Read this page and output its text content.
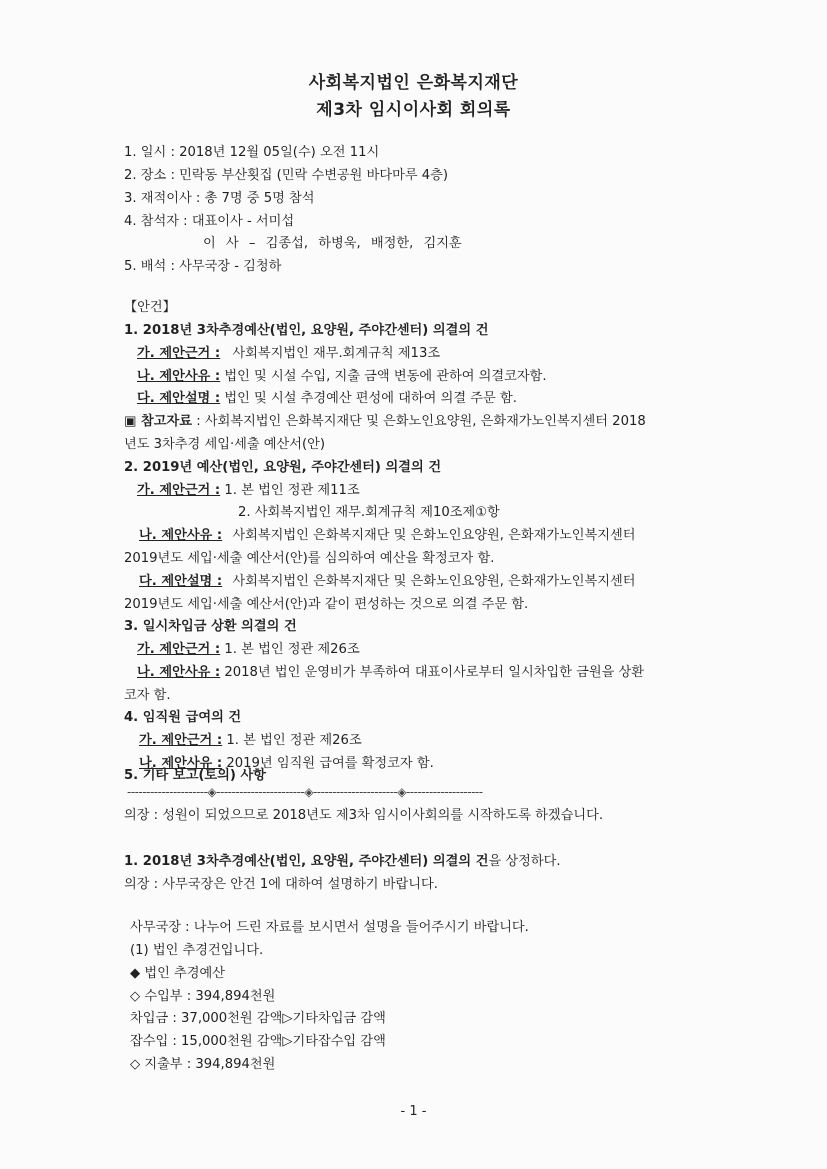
사회복지법인 은화복지재단
제3차 임시이사회 회의록
1. 일시 : 2018년 12월 05일(수) 오전 11시
2. 장소 : 민락동 부산횟집 (민락 수변공원 바다마루 4층)
3. 재적이사 : 총 7명 중 5명 참석
4. 참석자 : 대표이사 - 서미섭
이 사 – 김종섭, 하병욱, 배정한, 김지훈
5. 배석 : 사무국장 - 김청하
【안건】
1. 2018년 3차추경예산(법인, 요양원, 주야간센터) 의결의 건
가. 제안근거 : 사회복지법인 재무.회계규칙 제13조
나. 제안사유 : 법인 및 시설 수입, 지출 금액 변동에 관하여 의결코자함.
다. 제안설명 : 법인 및 시설 추경예산 편성에 대하여 의결 주문 함.
▣ 참고자료 : 사회복지법인 은화복지재단 및 은화노인요양원, 은화재가노인복지센터 2018
년도 3차추경 세입·세출 예산서(안)
2. 2019년 예산(법인, 요양원, 주야간센터) 의결의 건
가. 제안근거 : 1. 본 법인 정관 제11조
2. 사회복지법인 재무.회계규칙 제10조제①항
나. 제안사유 : 사회복지법인 은화복지재단 및 은화노인요양원, 은화재가노인복지센터
2019년도 세입·세출 예산서(안)를 심의하여 예산을 확정코자 함.
다. 제안설명 : 사회복지법인 은화복지재단 및 은화노인요양원, 은화재가노인복지센터
2019년도 세입·세출 예산서(안)과 같이 편성하는 것으로 의결 주문 함.
3. 일시차입금 상환 의결의 건
가. 제안근거 : 1. 본 법인 정관 제26조
나. 제안사유 : 2018년 법인 운영비가 부족하여 대표이사로부터 일시차입한 금원을 상환
코자 함.
4. 임직원 급여의 건
가. 제안근거 : 1. 본 법인 정관 제26조
나. 제안사유 : 2019년 임직원 급여를 확정코자 함.
5. 기타 보고(토의) 사항
---------------------◈-----------------------◈----------------------◈--------------------
의장 : 성원이 되었으므로 2018년도 제3차 임시이사회의를 시작하도록 하겠습니다.
1. 2018년 3차추경예산(법인, 요양원, 주야간센터) 의결의 건을 상정하다.
의장 : 사무국장은 안건 1에 대하여 설명하기 바랍니다.
사무국장 : 나누어 드린 자료를 보시면서 설명을 들어주시기 바랍니다.
(1) 법인 추경건입니다.
◆ 법인 추경예산
◇ 수입부 : 394,894천원
차입금 : 37,000천원 감액▷기타차입금 감액
잡수입 : 15,000천원 감액▷기타잡수입 감액
◇ 지출부 : 394,894천원
- 1 -
